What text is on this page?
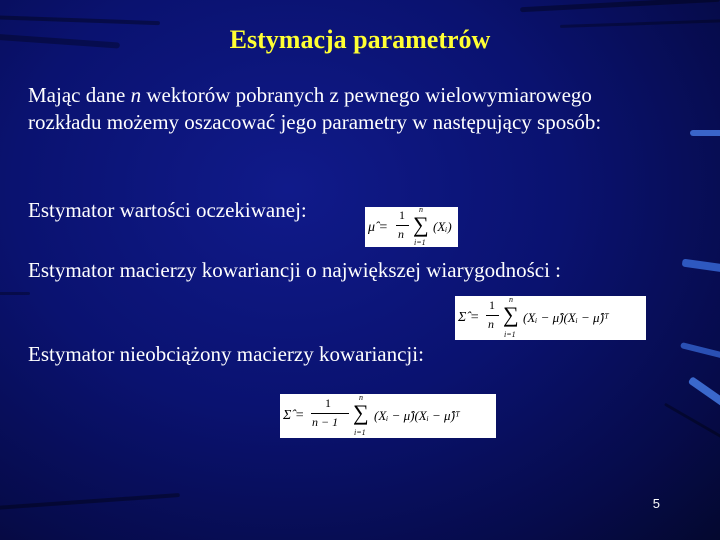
Estymacja parametrów
Mając dane n wektorów pobranych z pewnego wielowymiarowego rozkładu możemy oszacować jego parametry w następujący sposób:
Estymator wartości oczekiwanej:
μ̂ =
1
n
n
∑
i=1
(Xᵢ)
Estymator macierzy kowariancji o największej wiarygodności :
Σ̂ =
1
n
n
∑
i=1
(Xᵢ − μ̂)(Xᵢ − μ̂)ᵀ
Estymator nieobciążony macierzy kowariancji:
Σ̂ =
1
n − 1
n
∑
i=1
(Xᵢ − μ̂)(Xᵢ − μ̂)ᵀ
5
